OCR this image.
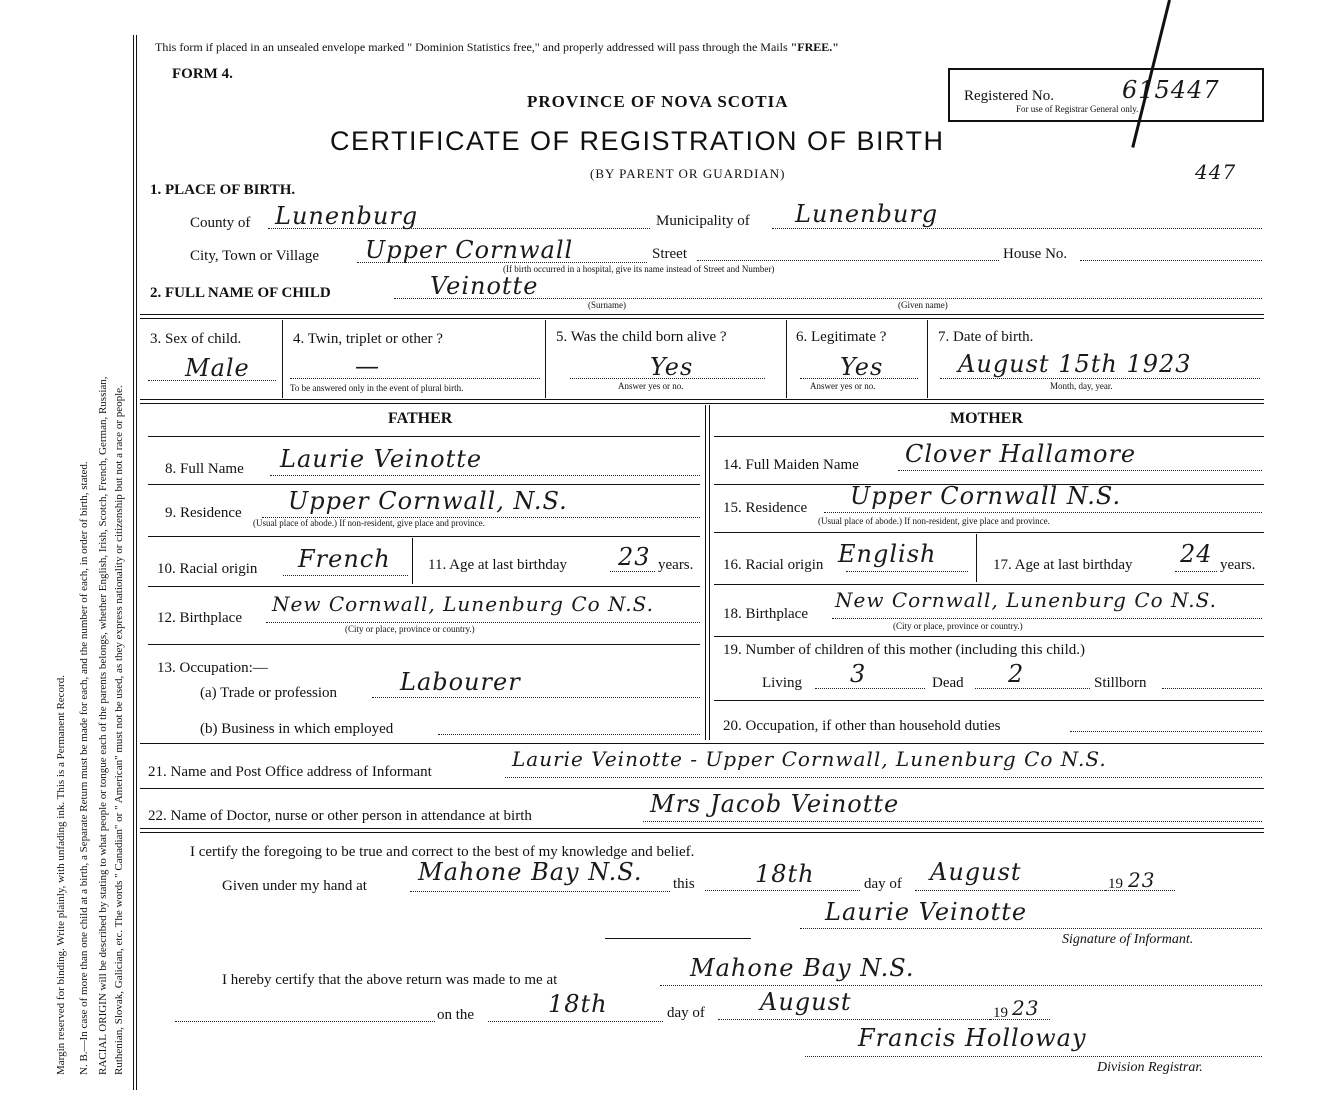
Margin reserved for binding. Write plainly, with unfading ink. This is a Permanent Record. N. B.—In case of more than one child at a birth, a Separate Return must be made for each, and the number of each, in order of birth, stated. RACIAL ORIGIN will be described by stating to what people or tongue each of the parents belongs, whether English, Irish, Scotch, French, German, Russian, Ruthenian, Slovak, Galician, etc. The words " Canadian" or " American" must not be used, as they express nationality or citizenship but not a race or people.
This form if placed in an unsealed envelope marked " Dominion Statistics free," and properly addressed will pass through the Mails "FREE."
FORM 4.
PROVINCE OF NOVA SCOTIA
CERTIFICATE OF REGISTRATION OF BIRTH
(BY PARENT OR GUARDIAN)
Registered No.	615447
For use of Registrar General only.
447
1. PLACE OF BIRTH.
County of Lunenburg	Municipality of Lunenburg
City, Town or Village Upper Cornwall	Street	House No.
(If birth occurred in a hospital, give its name instead of Street and Number)
2. FULL NAME OF CHILD	Veinotte
(Surname)	(Given name)
3. Sex of child.
Male
4. Twin, triplet or other ?
—
To be answered only in the event of plural birth.
5. Was the child born alive ?
Yes
Answer yes or no.
6. Legitimate ?
Yes
Answer yes or no.
7. Date of birth.
August 15th 1923
Month, day, year.
FATHER	MOTHER
8. Full Name Laurie Veinotte
9. Residence Upper Cornwall, N.S.
(Usual place of abode.) If non-resident, give place and province.
10. Racial origin French 11. Age at last birthday 23 years.
12. Birthplace
New Cornwall, Lunenburg Co N.S.
(City or place, province or country.)
13. Occupation:—
(a) Trade or profession	Labourer
(b) Business in which employed
14. Full Maiden Name Clover Hallamore
15. Residence Upper Cornwall N.S.
(Usual place of abode.) If non-resident, give place and province.
16. Racial origin English	17. Age at last birthday 24 years.
18. Birthplace
New Cornwall, Lunenburg Co N.S.
(City or place, province or country.)
19. Number of children of this mother (including this child.)
Living 3	Dead 2	Stillborn
20. Occupation, if other than household duties
21. Name and Post Office address of Informant
Laurie Veinotte - Upper Cornwall, Lunenburg Co N.S.
22. Name of Doctor, nurse or other person in attendance at birth	Mrs Jacob Veinotte
I certify the foregoing to be true and correct to the best of my knowledge and belief.
Given under my hand at Mahone Bay N.S. this	18th	day of August	19 23
Laurie Veinotte
Signature of Informant.
I hereby certify that the above return was made to me at	Mahone Bay N.S.
on the	18th	day of August	19 23
Francis Holloway
Division Registrar.
